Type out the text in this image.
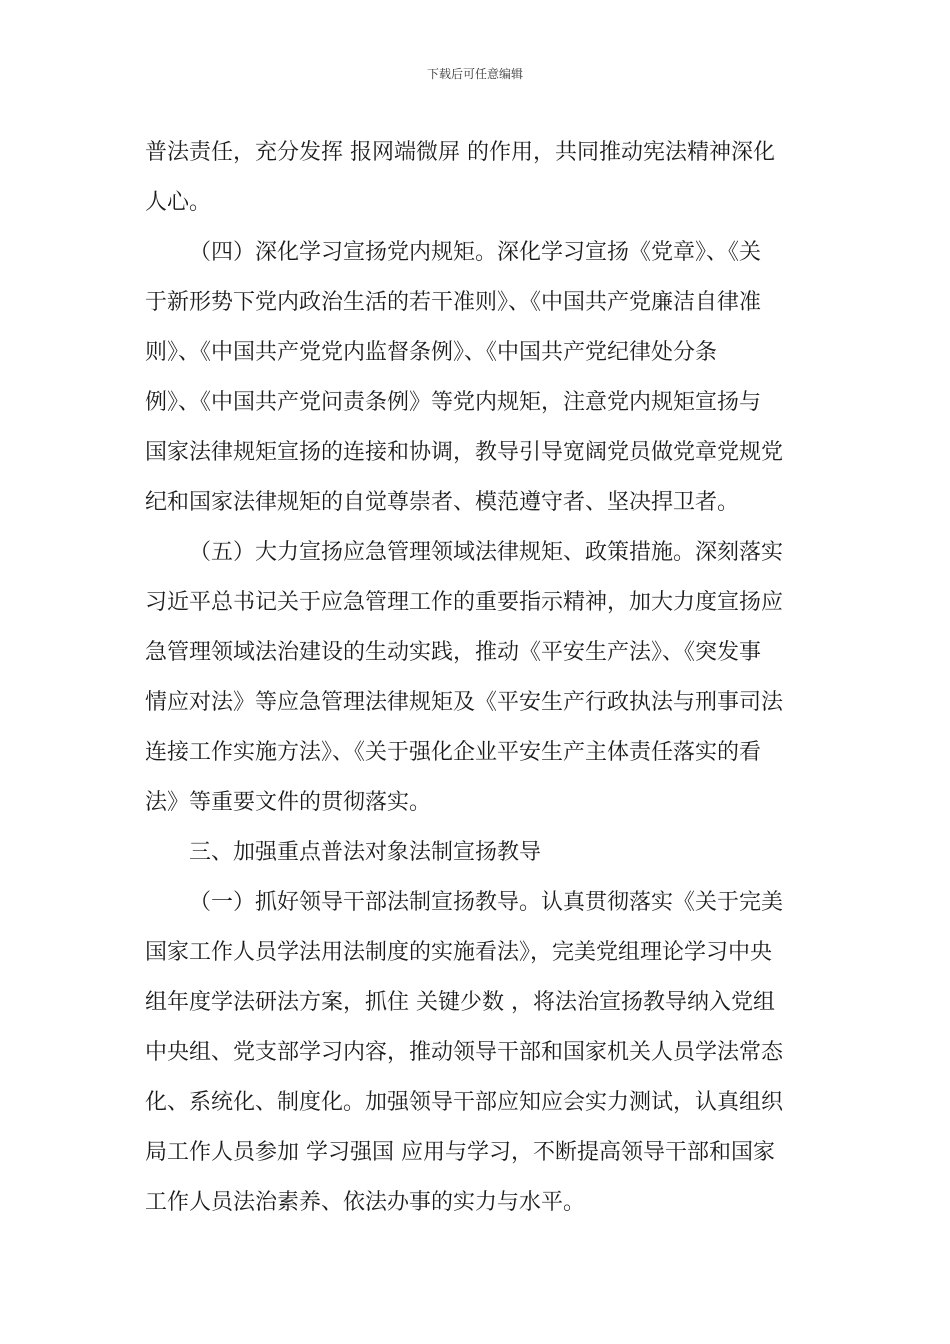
下载后可任意编辑
普法责任，充分发挥 报网端微屏 的作用，共同推动宪法精神深化
人心。
（四）深化学习宣扬党内规矩。深化学习宣扬《党章》、《关
于新形势下党内政治生活的若干准则》、《中国共产党廉洁自律准
则》、《中国共产党党内监督条例》、《中国共产党纪律处分条
例》、《中国共产党问责条例》等党内规矩，注意党内规矩宣扬与
国家法律规矩宣扬的连接和协调，教导引导宽阔党员做党章党规党
纪和国家法律规矩的自觉尊崇者、模范遵守者、坚决捍卫者。
（五）大力宣扬应急管理领域法律规矩、政策措施。深刻落实
习近平总书记关于应急管理工作的重要指示精神，加大力度宣扬应
急管理领域法治建设的生动实践，推动《平安生产法》、《突发事
情应对法》等应急管理法律规矩及《平安生产行政执法与刑事司法
连接工作实施方法》、《关于强化企业平安生产主体责任落实的看
法》等重要文件的贯彻落实。
三、加强重点普法对象法制宣扬教导
（一）抓好领导干部法制宣扬教导。认真贯彻落实《关于完美
国家工作人员学法用法制度的实施看法》，完美党组理论学习中央
组年度学法研法方案，抓住 关键少数 ，将法治宣扬教导纳入党组
中央组、党支部学习内容，推动领导干部和国家机关人员学法常态
化、系统化、制度化。加强领导干部应知应会实力测试，认真组织
局工作人员参加 学习强国 应用与学习，不断提高领导干部和国家
工作人员法治素养、依法办事的实力与水平。
